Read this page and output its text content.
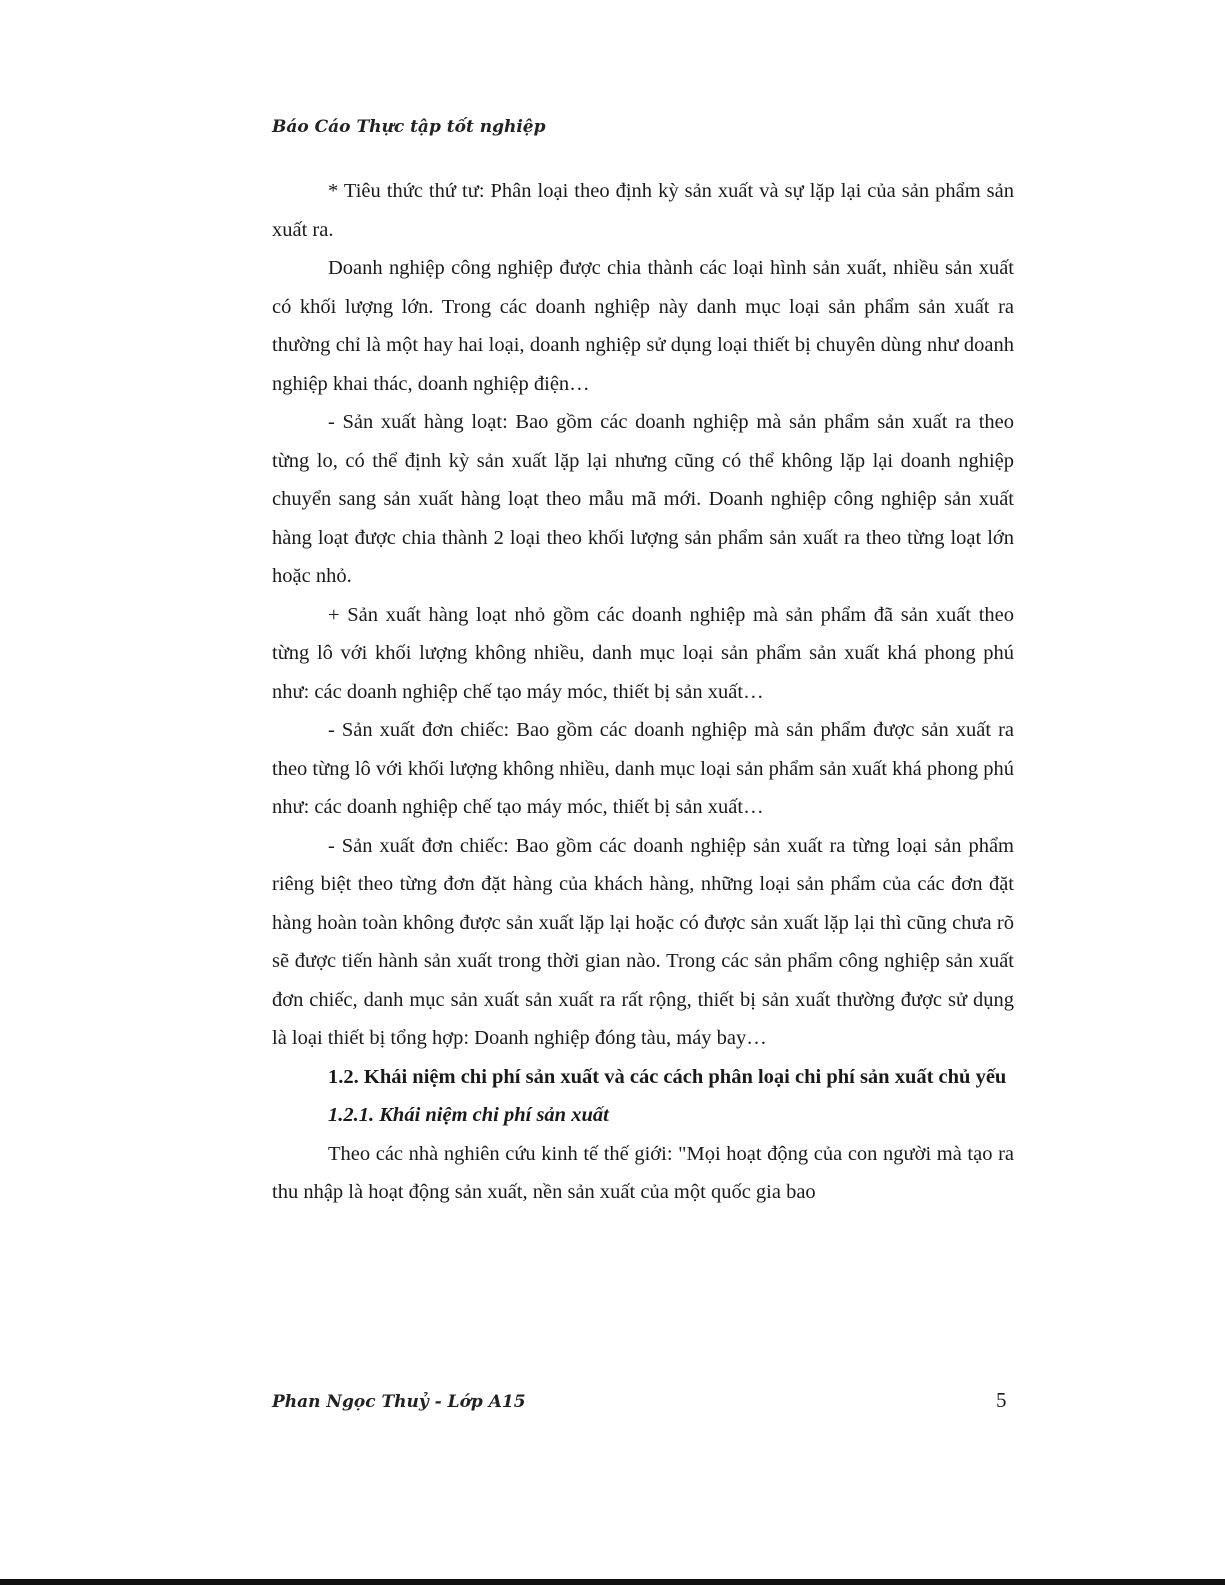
Báo Cáo Thực tập tốt nghiệp

* Tiêu thức thứ tư: Phân loại theo định kỳ sản xuất và sự lặp lại của sản phẩm sản xuất ra.

Doanh nghiệp công nghiệp được chia thành các loại hình sản xuất, nhiều sản xuất có khối lượng lớn. Trong các doanh nghiệp này danh mục loại sản phẩm sản xuất ra thường chỉ là một hay hai loại, doanh nghiệp sử dụng loại thiết bị chuyên dùng như doanh nghiệp khai thác, doanh nghiệp điện…

- Sản xuất hàng loạt: Bao gồm các doanh nghiệp mà sản phẩm sản xuất ra theo từng lo, có thể định kỳ sản xuất lặp lại nhưng cũng có thể không lặp lại doanh nghiệp chuyển sang sản xuất hàng loạt theo mẫu mã mới. Doanh nghiệp công nghiệp sản xuất hàng loạt được chia thành 2 loại theo khối lượng sản phẩm sản xuất ra theo từng loạt lớn hoặc nhỏ.

+ Sản xuất hàng loạt nhỏ gồm các doanh nghiệp mà sản phẩm đã sản xuất theo từng lô với khối lượng không nhiều, danh mục loại sản phẩm sản xuất khá phong phú như: các doanh nghiệp chế tạo máy móc, thiết bị sản xuất…

- Sản xuất đơn chiếc: Bao gồm các doanh nghiệp mà sản phẩm được sản xuất ra theo từng lô với khối lượng không nhiều, danh mục loại sản phẩm sản xuất khá phong phú như: các doanh nghiệp chế tạo máy móc, thiết bị sản xuất…

- Sản xuất đơn chiếc: Bao gồm các doanh nghiệp sản xuất ra từng loại sản phẩm riêng biệt theo từng đơn đặt hàng của khách hàng, những loại sản phẩm của các đơn đặt hàng hoàn toàn không được sản xuất lặp lại hoặc có được sản xuất lặp lại thì cũng chưa rõ sẽ được tiến hành sản xuất trong thời gian nào. Trong các sản phẩm công nghiệp sản xuất đơn chiếc, danh mục sản xuất sản xuất ra rất rộng, thiết bị sản xuất thường được sử dụng là loại thiết bị tổng hợp: Doanh nghiệp đóng tàu, máy bay…

1.2. Khái niệm chi phí sản xuất và các cách phân loại chi phí sản xuất chủ yếu

1.2.1. Khái niệm chi phí sản xuất

Theo các nhà nghiên cứu kinh tế thế giới: "Mọi hoạt động của con người mà tạo ra thu nhập là hoạt động sản xuất, nền sản xuất của một quốc gia bao

Phan Ngọc Thuỷ - Lớp A15	5
